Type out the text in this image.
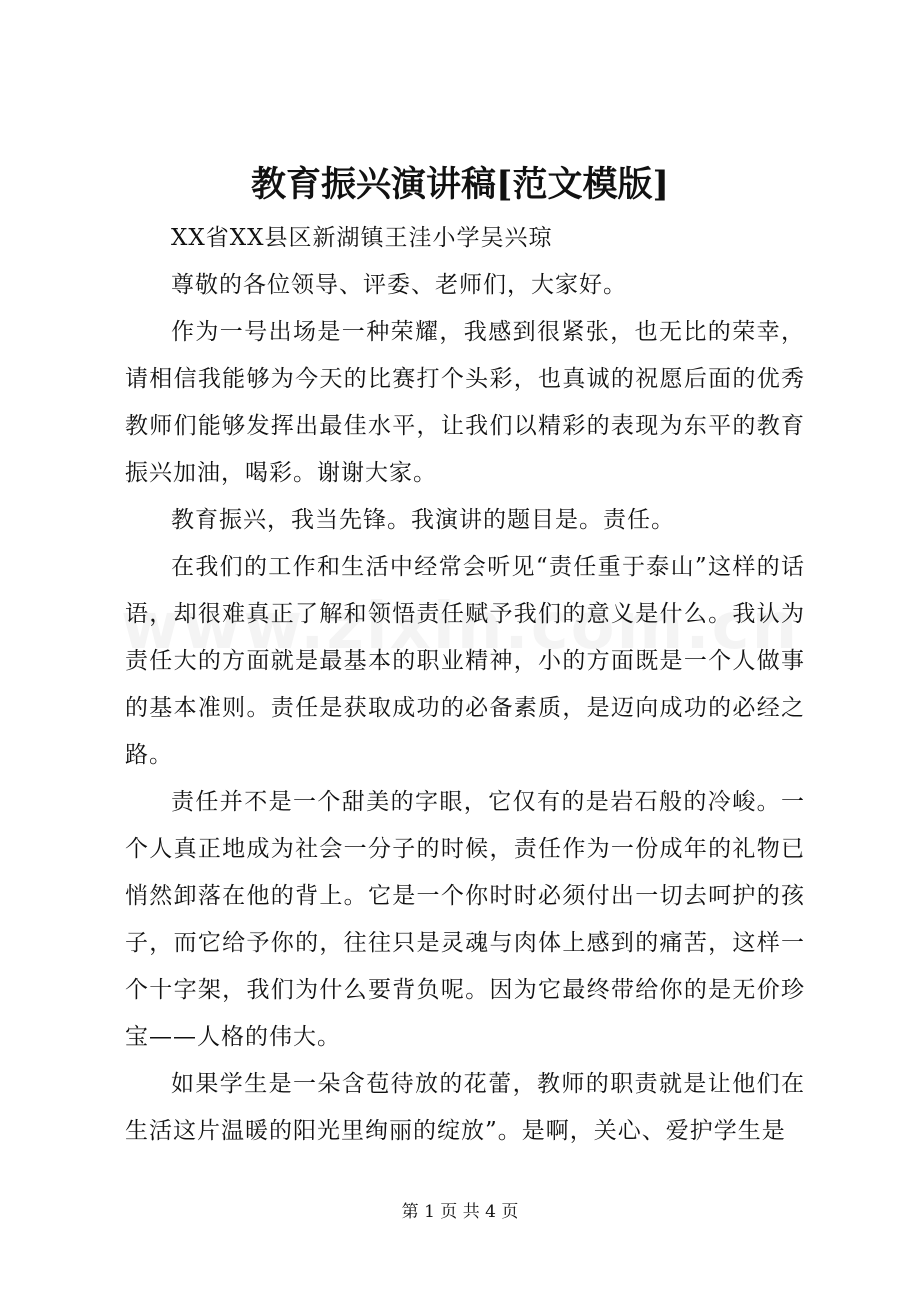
教育振兴演讲稿[范文模版]

XX省XX县区新湖镇王洼小学吴兴琼

尊敬的各位领导、评委、老师们，大家好。

作为一号出场是一种荣耀，我感到很紧张，也无比的荣幸，请相信我能够为今天的比赛打个头彩，也真诚的祝愿后面的优秀教师们能够发挥出最佳水平，让我们以精彩的表现为东平的教育振兴加油，喝彩。谢谢大家。

教育振兴，我当先锋。我演讲的题目是。责任。

在我们的工作和生活中经常会听见“责任重于泰山”这样的话语，却很难真正了解和领悟责任赋予我们的意义是什么。我认为责任大的方面就是最基本的职业精神，小的方面既是一个人做事的基本准则。责任是获取成功的必备素质，是迈向成功的必经之路。

责任并不是一个甜美的字眼，它仅有的是岩石般的冷峻。一个人真正地成为社会一分子的时候，责任作为一份成年的礼物已悄然卸落在他的背上。它是一个你时时必须付出一切去呵护的孩子，而它给予你的，往往只是灵魂与肉体上感到的痛苦，这样一个十字架，我们为什么要背负呢。因为它最终带给你的是无价珍宝——人格的伟大。

如果学生是一朵含苞待放的花蕾，教师的职责就是让他们在生活这片温暖的阳光里绚丽的绽放”。是啊，关心、爱护学生是

第 1 页 共 4 页
